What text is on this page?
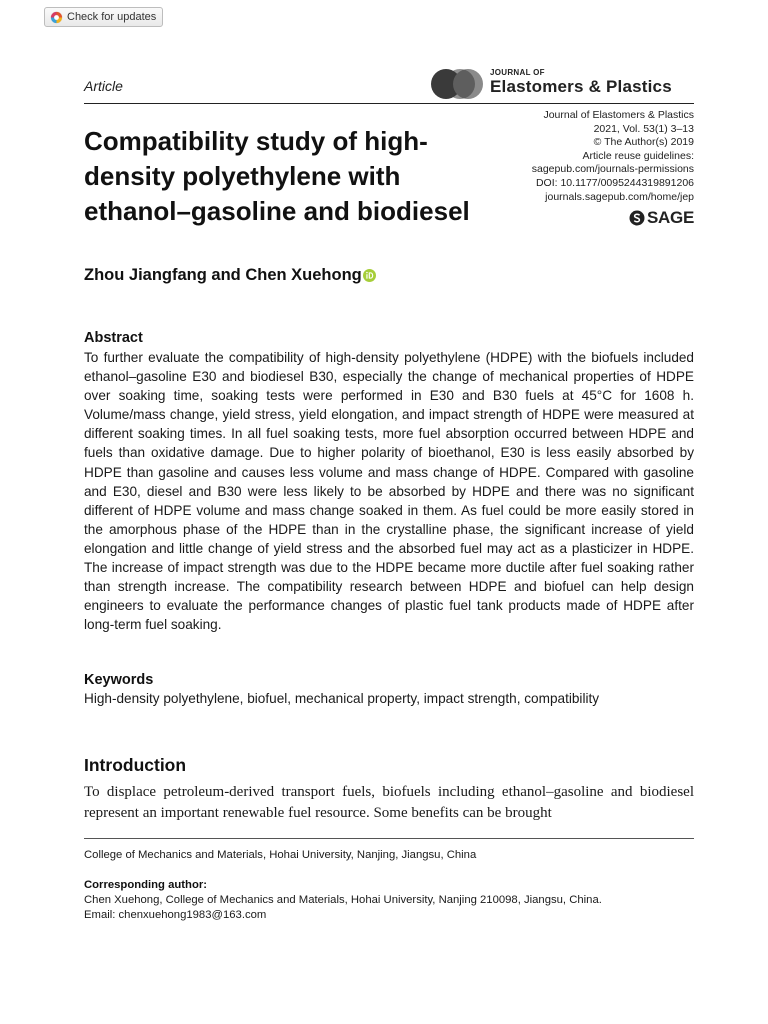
Check for updates
Article
JOURNAL OF
Elastomers & Plastics
Compatibility study of high-density polyethylene with ethanol–gasoline and biodiesel
Journal of Elastomers & Plastics
2021, Vol. 53(1) 3–13
© The Author(s) 2019
Article reuse guidelines:
sagepub.com/journals-permissions
DOI: 10.1177/0095244319891206
journals.sagepub.com/home/jep
SAGE
Zhou Jiangfang and Chen Xuehong
Abstract

To further evaluate the compatibility of high-density polyethylene (HDPE) with the biofuels included ethanol–gasoline E30 and biodiesel B30, especially the change of mechanical properties of HDPE over soaking time, soaking tests were performed in E30 and B30 fuels at 45°C for 1608 h. Volume/mass change, yield stress, yield elongation, and impact strength of HDPE were measured at different soaking times. In all fuel soaking tests, more fuel absorption occurred between HDPE and fuels than oxidative damage. Due to higher polarity of bioethanol, E30 is less easily absorbed by HDPE than gasoline and causes less volume and mass change of HDPE. Compared with gasoline and E30, diesel and B30 were less likely to be absorbed by HDPE and there was no significant different of HDPE volume and mass change soaked in them. As fuel could be more easily stored in the amorphous phase of the HDPE than in the crystalline phase, the significant increase of yield elongation and little change of yield stress and the absorbed fuel may act as a plasticizer in HDPE. The increase of impact strength was due to the HDPE became more ductile after fuel soaking rather than strength increase. The compatibility research between HDPE and biofuel can help design engineers to evaluate the performance changes of plastic fuel tank products made of HDPE after long-term fuel soaking.

Keywords
High-density polyethylene, biofuel, mechanical property, impact strength, compatibility
Introduction

To displace petroleum-derived transport fuels, biofuels including ethanol–gasoline and biodiesel represent an important renewable fuel resource. Some benefits can be brought

College of Mechanics and Materials, Hohai University, Nanjing, Jiangsu, China
Corresponding author:
Chen Xuehong, College of Mechanics and Materials, Hohai University, Nanjing 210098, Jiangsu, China.
Email: chenxuehong1983@163.com
